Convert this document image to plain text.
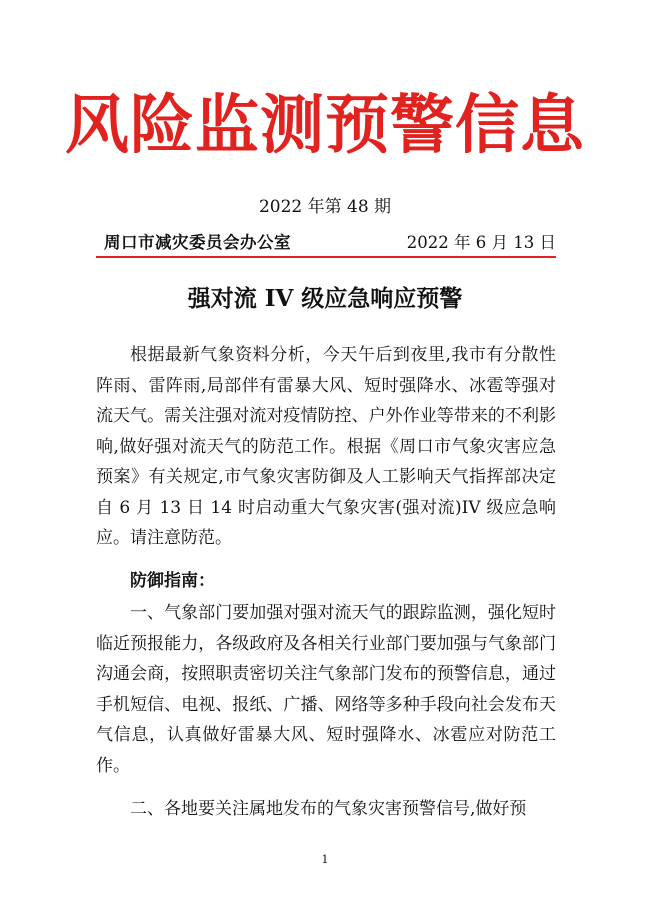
风险监测预警信息
2022 年第 48 期
周口市减灾委员会办公室	2022 年 6 月 13 日
强对流 IV 级应急响应预警
根据最新气象资料分析，今天午后到夜里,我市有分散性阵雨、雷阵雨,局部伴有雷暴大风、短时强降水、冰雹等强对流天气。需关注强对流对疫情防控、户外作业等带来的不利影响,做好强对流天气的防范工作。根据《周口市气象灾害应急预案》有关规定,市气象灾害防御及人工影响天气指挥部决定自 6 月 13 日 14 时启动重大气象灾害(强对流)IV 级应急响应。请注意防范。
防御指南：
一、气象部门要加强对强对流天气的跟踪监测，强化短时临近预报能力，各级政府及各相关行业部门要加强与气象部门沟通会商，按照职责密切关注气象部门发布的预警信息，通过手机短信、电视、报纸、广播、网络等多种手段向社会发布天气信息，认真做好雷暴大风、短时强降水、冰雹应对防范工作。
二、各地要关注属地发布的气象灾害预警信号,做好预
1
